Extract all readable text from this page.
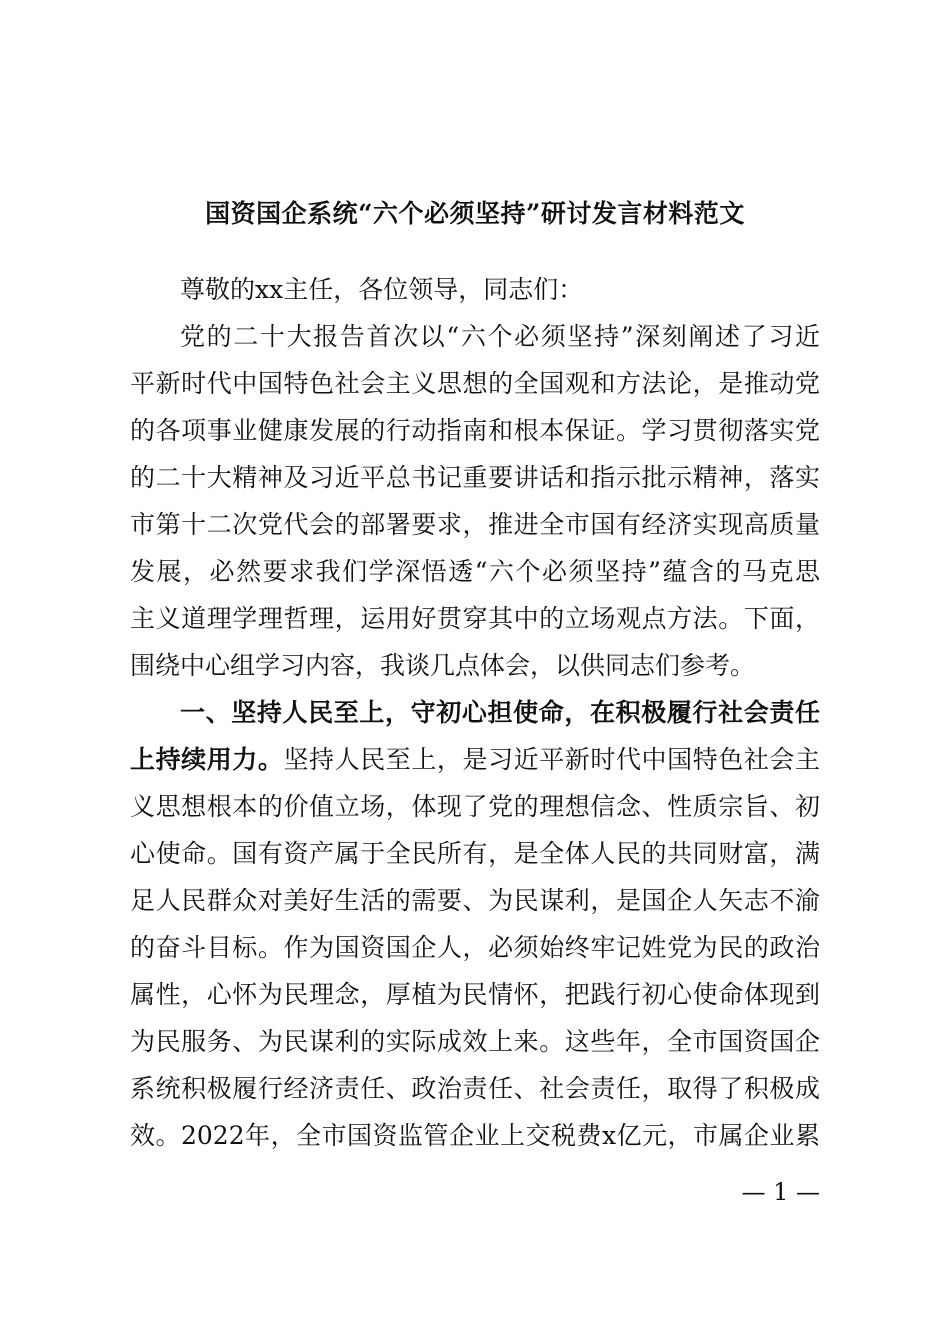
国资国企系统“六个必须坚持”研讨发言材料范文
尊敬的xx主任，各位领导，同志们：
党的二十大报告首次以“六个必须坚持”深刻阐述了习近
平新时代中国特色社会主义思想的全国观和方法论，是推动党
的各项事业健康发展的行动指南和根本保证。学习贯彻落实党
的二十大精神及习近平总书记重要讲话和指示批示精神，落实
市第十二次党代会的部署要求，推进全市国有经济实现高质量
发展，必然要求我们学深悟透“六个必须坚持”蕴含的马克思
主义道理学理哲理，运用好贯穿其中的立场观点方法。下面，
围绕中心组学习内容，我谈几点体会，以供同志们参考。
一、坚持人民至上，守初心担使命，在积极履行社会责任
上持续用力。坚持人民至上，是习近平新时代中国特色社会主
义思想根本的价值立场，体现了党的理想信念、性质宗旨、初
心使命。国有资产属于全民所有，是全体人民的共同财富，满
足人民群众对美好生活的需要、为民谋利，是国企人矢志不渝
的奋斗目标。作为国资国企人，必须始终牢记姓党为民的政治
属性，心怀为民理念，厚植为民情怀，把践行初心使命体现到
为民服务、为民谋利的实际成效上来。这些年，全市国资国企
系统积极履行经济责任、政治责任、社会责任，取得了积极成
效。2022年，全市国资监管企业上交税费x亿元，市属企业累
— 1 —
